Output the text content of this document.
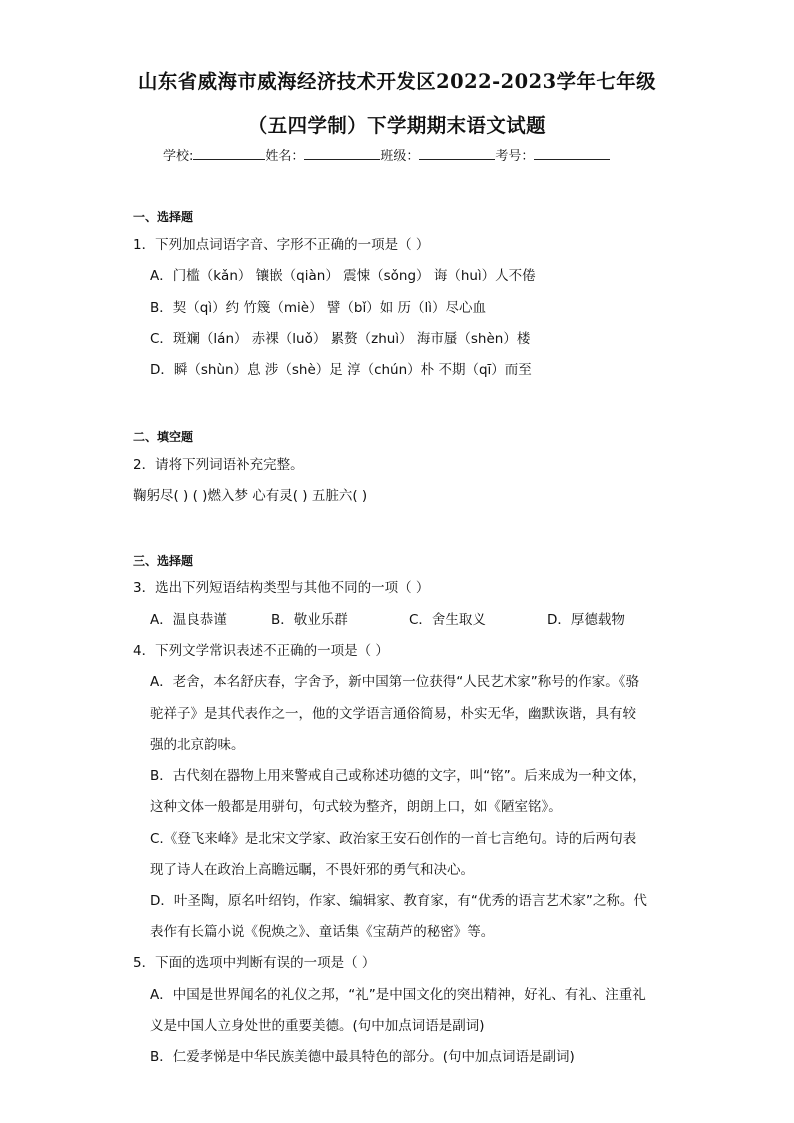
山东省威海市威海经济技术开发区2022-2023学年七年级
（五四学制）下学期期末语文试题
学校:	姓名：	班级：	考号：
一、选择题
1．下列加点词语字音、字形不正确的一项是（ ）
A．门槛（kǎn） 镶嵌（qiàn） 震悚（sǒng） 诲（huì）人不倦
B．契（qì）约 竹篾（miè） 譬（bǐ）如 历（lì）尽心血
C．斑斓（lán） 赤裸（luǒ） 累赘（zhuì） 海市蜃（shèn）楼
D．瞬（shùn）息 涉（shè）足 淳（chún）朴 不期（qī）而至
二、填空题
2．请将下列词语补充完整。
鞠躬尽( ) ( )燃入梦 心有灵( ) 五脏六( )
三、选择题
3．选出下列短语结构类型与其他不同的一项（ ）
A．温良恭谨	B．敬业乐群	C．舍生取义	D．厚德载物
4．下列文学常识表述不正确的一项是（ ）
A．老舍，本名舒庆春，字舍予，新中国第一位获得“人民艺术家”称号的作家。《骆
驼祥子》是其代表作之一，他的文学语言通俗简易，朴实无华，幽默诙谐，具有较
强的北京韵味。
B．古代刻在器物上用来警戒自己或称述功德的文字，叫“铭”。后来成为一种文体，
这种文体一般都是用骈句，句式较为整齐，朗朗上口，如《陋室铭》。
C.《登飞来峰》是北宋文学家、政治家王安石创作的一首七言绝句。诗的后两句表
现了诗人在政治上高瞻远瞩，不畏奸邪的勇气和决心。
D．叶圣陶，原名叶绍钧，作家、编辑家、教育家，有“优秀的语言艺术家”之称。代
表作有长篇小说《倪焕之》、童话集《宝葫芦的秘密》等。
5．下面的选项中判断有误的一项是（ ）
A．中国是世界闻名的礼仪之邦，“礼”是中国文化的突出精神，好礼、有礼、注重礼
义是中国人立身处世的重要美德。(句中加点词语是副词)
B．仁爱孝悌是中华民族美德中最具特色的部分。(句中加点词语是副词)
